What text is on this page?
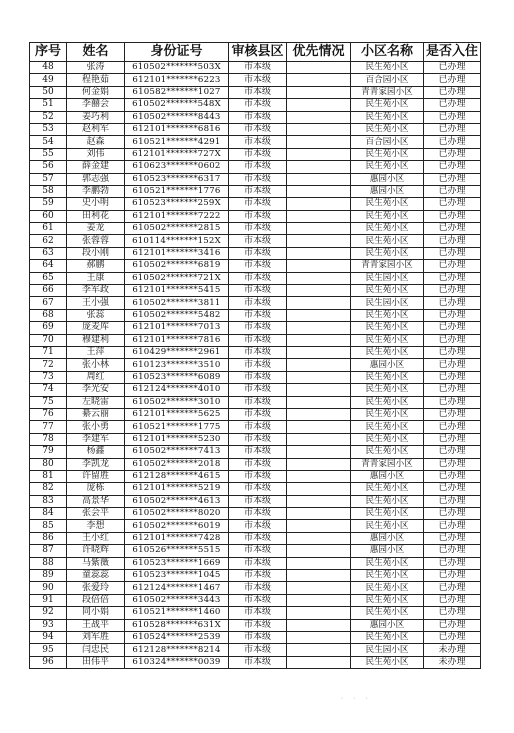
序号	姓名	身份证号	审核县区	优先情况	小区名称	是否入住
48	张涛	610502*******503X	市本级		民生苑小区	已办理
49	程艳茹	612101*******6223	市本级		百合园小区	已办理
50	何金娟	610582*******1027	市本级		青青家园小区	已办理
51	李囍会	610502*******548X	市本级		民生苑小区	已办理
52	姜巧利	610502*******8443	市本级		民生苑小区	已办理
53	赵利军	612101*******6816	市本级		民生苑小区	已办理
54	赵森	610521*******4291	市本级		百合园小区	已办理
55	刘伟	612101*******727X	市本级		民生苑小区	已办理
56	薛金建	610623*******0602	市本级		民生苑小区	已办理
57	郭志强	610523*******6317	市本级		惠园小区	已办理
58	李鹏勃	610521*******1776	市本级		惠园小区	已办理
59	史小明	610523*******259X	市本级		民生苑小区	已办理
60	田利花	612101*******7222	市本级		民生苑小区	已办理
61	姜龙	610502*******2815	市本级		民生苑小区	已办理
62	张蓉蓉	610114*******152X	市本级		民生苑小区	已办理
63	段小刚	612101*******3416	市本级		民生苑小区	已办理
64	郝鹏	610502*******6819	市本级		青青家园小区	已办理
65	王康	610502*******721X	市本级		民生园小区	已办理
66	李军政	612101*******5415	市本级		民生苑小区	已办理
67	王小强	610502*******3811	市本级		民生园小区	已办理
68	张蕊	610502*******5482	市本级		民生苑小区	已办理
69	庞麦库	612101*******7013	市本级		民生苑小区	已办理
70	穆建利	612101*******7816	市本级		民生苑小区	已办理
71	王萍	610429*******2961	市本级		民生苑小区	已办理
72	张小林	610123*******3510	市本级		惠园小区	已办理
73	周红	610523*******6089	市本级		民生苑小区	已办理
74	李光安	612124*******4010	市本级		民生苑小区	已办理
75	左晓雷	610502*******3010	市本级		民生苑小区	已办理
76	綦云丽	612101*******5625	市本级		民生苑小区	已办理
77	张小勇	610521*******1775	市本级		民生苑小区	已办理
78	李建军	612101*******5230	市本级		民生苑小区	已办理
79	杨鑫	610502*******7413	市本级		民生苑小区	已办理
80	李凯龙	610502*******2018	市本级		青青家园小区	已办理
81	许留胜	612128*******4615	市本级		惠园小区	已办理
82	庞栋	612101*******5219	市本级		民生苑小区	已办理
83	高景华	610502*******4613	市本级		民生苑小区	已办理
84	张会平	610502*******8020	市本级		民生苑小区	已办理
85	李想	610502*******6019	市本级		民生苑小区	已办理
86	王小红	612101*******7428	市本级		惠园小区	已办理
87	许晓辉	610526*******5515	市本级		惠园小区	已办理
88	马紫薇	610523*******1669	市本级		民生苑小区	已办理
89	童蕊蕊	610523*******1045	市本级		民生苑小区	已办理
90	张爱玲	612124*******1467	市本级		民生苑小区	已办理
91	段倍倍	610502*******3443	市本级		民生苑小区	已办理
92	同小娟	610521*******1460	市本级		民生苑小区	已办理
93	王战平	610528*******631X	市本级		惠园小区	已办理
94	刘军胜	610524*******2539	市本级		民生苑小区	已办理
95	闫忠民	612128*******8214	市本级		民生园小区	未办理
96	田伟平	610324*******0039	市本级		民生苑小区	未办理
· · ·
